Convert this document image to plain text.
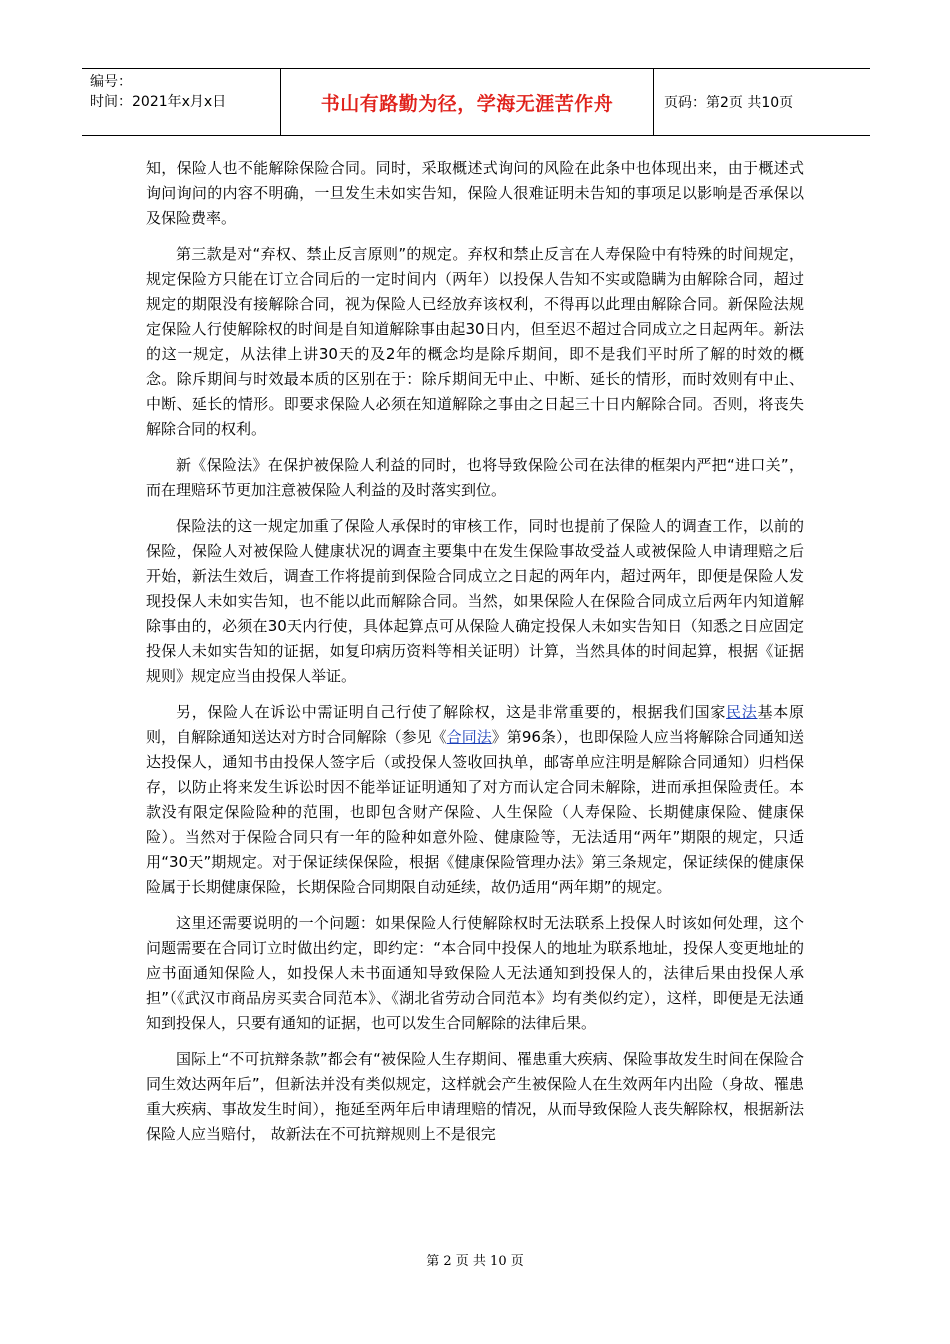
编号：
时间：2021年x月x日	书山有路勤为径，学海无涯苦作舟	页码：第2页 共10页

知，保险人也不能解除保险合同。同时，采取概述式询问的风险在此条中也体现出来，由于概述式询问询问的内容不明确，一旦发生未如实告知，保险人很难证明未告知的事项足以影响是否承保以及保险费率。

第三款是对“弃权、禁止反言原则”的规定。弃权和禁止反言在人寿保险中有特殊的时间规定，规定保险方只能在订立合同后的一定时间内（两年）以投保人告知不实或隐瞒为由解除合同，超过规定的期限没有接解除合同，视为保险人已经放弃该权利，不得再以此理由解除合同。新保险法规定保险人行使解除权的时间是自知道解除事由起30日内，但至迟不超过合同成立之日起两年。新法的这一规定，从法律上讲30天的及2年的概念均是除斥期间，即不是我们平时所了解的时效的概念。除斥期间与时效最本质的区别在于：除斥期间无中止、中断、延长的情形，而时效则有中止、中断、延长的情形。即要求保险人必须在知道解除之事由之日起三十日内解除合同。否则，将丧失解除合同的权利。

新《保险法》在保护被保险人利益的同时，也将导致保险公司在法律的框架内严把“进口关”，而在理赔环节更加注意被保险人利益的及时落实到位。

保险法的这一规定加重了保险人承保时的审核工作，同时也提前了保险人的调查工作，以前的保险，保险人对被保险人健康状况的调查主要集中在发生保险事故受益人或被保险人申请理赔之后开始，新法生效后，调查工作将提前到保险合同成立之日起的两年内，超过两年，即便是保险人发现投保人未如实告知，也不能以此而解除合同。当然，如果保险人在保险合同成立后两年内知道解除事由的，必须在30天内行使，具体起算点可从保险人确定投保人未如实告知日（知悉之日应固定投保人未如实告知的证据，如复印病历资料等相关证明）计算，当然具体的时间起算，根据《证据规则》规定应当由投保人举证。

另，保险人在诉讼中需证明自己行使了解除权，这是非常重要的，根据我们国家民法基本原则，自解除通知送达对方时合同解除（参见《合同法》第96条），也即保险人应当将解除合同通知送达投保人，通知书由投保人签字后（或投保人签收回执单，邮寄单应注明是解除合同通知）归档保存，以防止将来发生诉讼时因不能举证证明通知了对方而认定合同未解除，进而承担保险责任。本款没有限定保险险种的范围，也即包含财产保险、人生保险（人寿保险、长期健康保险、健康保险）。当然对于保险合同只有一年的险种如意外险、健康险等，无法适用“两年”期限的规定，只适用“30天”期规定。对于保证续保保险，根据《健康保险管理办法》第三条规定，保证续保的健康保险属于长期健康保险，长期保险合同期限自动延续，故仍适用“两年期”的规定。

这里还需要说明的一个问题：如果保险人行使解除权时无法联系上投保人时该如何处理，这个问题需要在合同订立时做出约定，即约定：“本合同中投保人的地址为联系地址，投保人变更地址的应书面通知保险人，如投保人未书面通知导致保险人无法通知到投保人的，法律后果由投保人承担”（《武汉市商品房买卖合同范本》、《湖北省劳动合同范本》均有类似约定），这样，即便是无法通知到投保人，只要有通知的证据，也可以发生合同解除的法律后果。

国际上“不可抗辩条款”都会有“被保险人生存期间、罹患重大疾病、保险事故发生时间在保险合同生效达两年后”，但新法并没有类似规定，这样就会产生被保险人在生效两年内出险（身故、罹患重大疾病、事故发生时间），拖延至两年后申请理赔的情况，从而导致保险人丧失解除权，根据新法保险人应当赔付， 故新法在不可抗辩规则上不是很完

第 2 页 共 10 页
